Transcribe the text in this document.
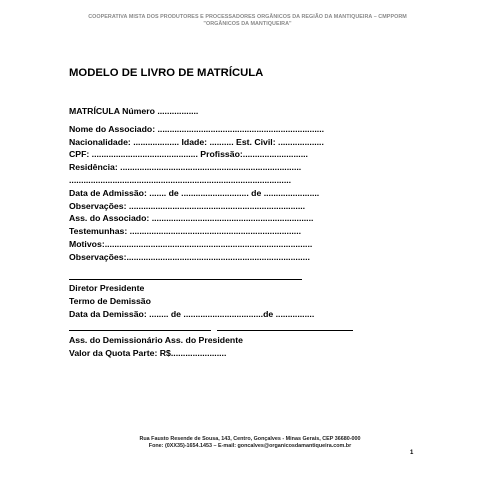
COOPERATIVA MISTA DOS PRODUTORES E PROCESSADORES ORGÂNICOS DA REGIÃO DA MANTIQUEIRA – CMPPORM
"ORGÂNICOS DA MANTIQUEIRA"
MODELO DE LIVRO DE MATRÍCULA
MATRÍCULA Número .................
Nome do Associado: .....................................................................
Nacionalidade: ................... Idade: .......... Est. Civil: ...................
CPF: ............................................ Profissão:...........................
Residência: ...........................................................................
............................................................................................
Data de Admissão: ....... de ............................ de .......................
Observações: .........................................................................
Ass. do Associado: ...................................................................
Testemunhas: .......................................................................
Motivos:......................................................................................
Observações:............................................................................
Diretor Presidente
Termo de Demissão
Data da Demissão: ........ de .................................de ................
Ass. do Demissionário Ass. do Presidente
Valor da Quota Parte: R$.......................
Rua Fausto Resende de Sousa, 143, Centro, Gonçalves - Minas Gerais, CEP 36680-000
Fone: (0XX35)-1654.1453 – E-mail: goncalves@organicosdamantiqueira.com.br
1
